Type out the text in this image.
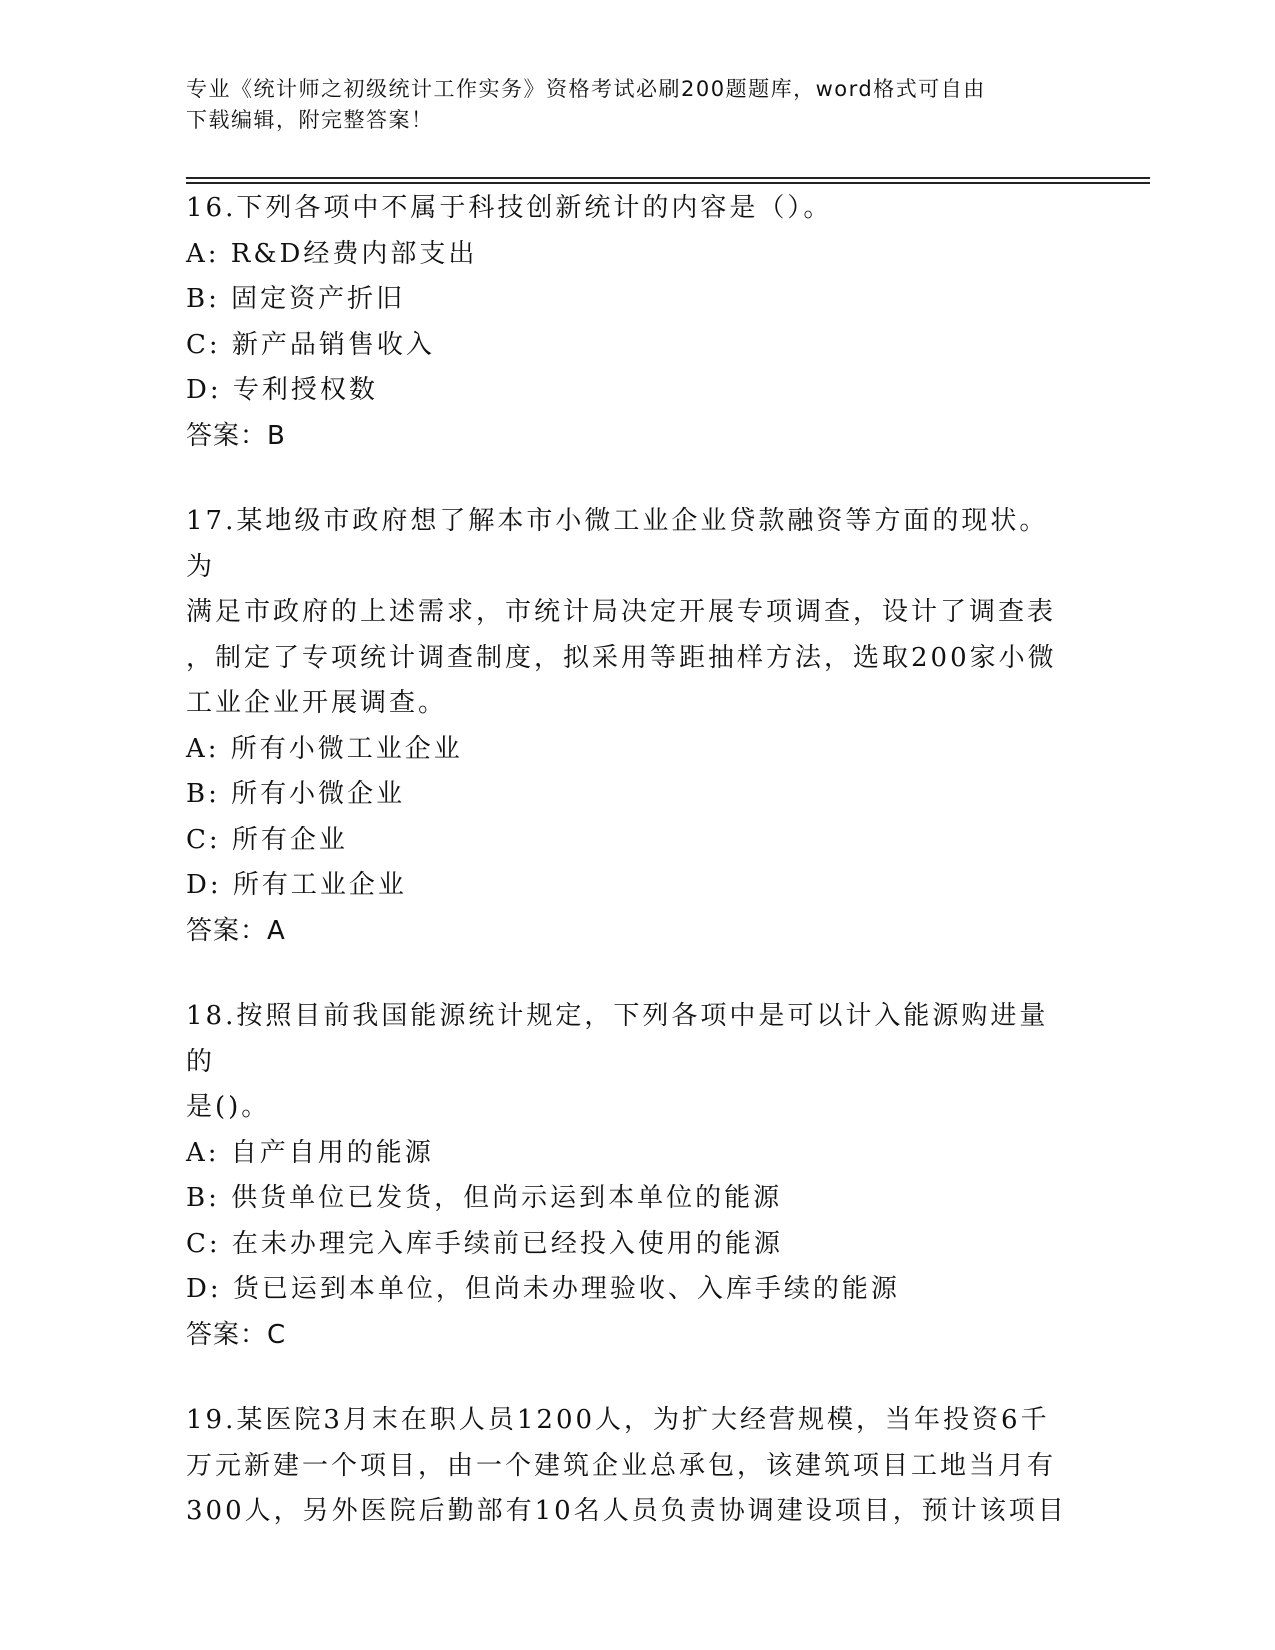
专业《统计师之初级统计工作实务》资格考试必刷200题题库，word格式可自由
下载编辑，附完整答案！

16.下列各项中不属于科技创新统计的内容是（）。

A: R&D经费内部支出

B: 固定资产折旧

C: 新产品销售收入

D: 专利授权数

答案：B

17.某地级市政府想了解本市小微工业企业贷款融资等方面的现状。为

满足市政府的上述需求，市统计局决定开展专项调查，设计了调查表

，制定了专项统计调查制度，拟采用等距抽样方法，选取200家小微

工业企业开展调查。

A: 所有小微工业企业

B: 所有小微企业

C: 所有企业

D: 所有工业企业

答案：A

18.按照目前我国能源统计规定，下列各项中是可以计入能源购进量的

是()。

A: 自产自用的能源

B: 供货单位已发货，但尚示运到本单位的能源

C: 在未办理完入库手续前已经投入使用的能源

D: 货已运到本单位，但尚未办理验收、入库手续的能源

答案：C

19.某医院3月末在职人员1200人，为扩大经营规模，当年投资6千

万元新建一个项目，由一个建筑企业总承包，该建筑项目工地当月有

300人，另外医院后勤部有10名人员负责协调建设项目，预计该项目
